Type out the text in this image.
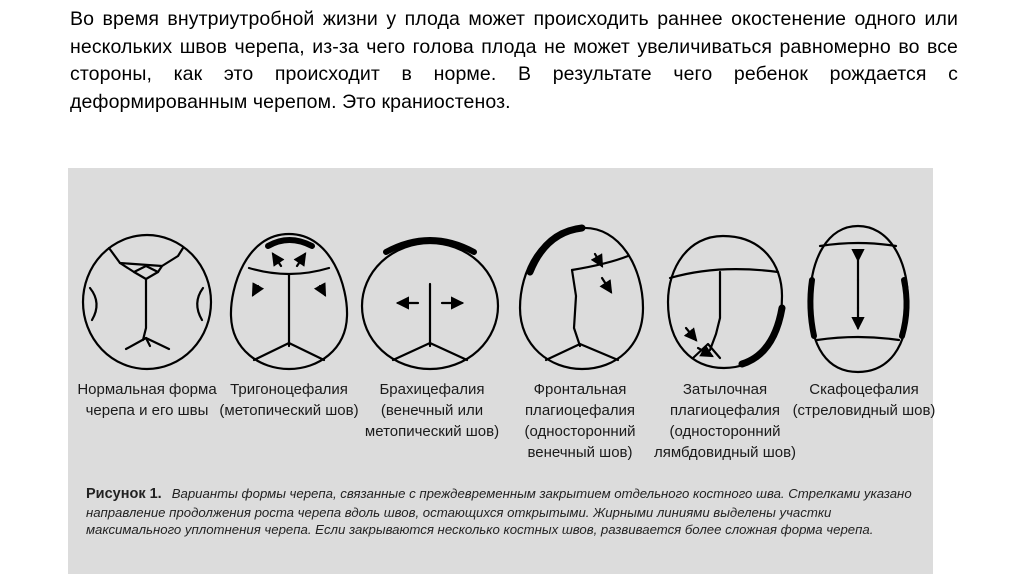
Во время внутриутробной жизни у плода может происходить раннее окостенение одного или нескольких швов черепа, из-за чего голова плода не может увеличиваться равномерно во все стороны, как это происходит в норме. В результате чего ребенок рождается с деформированным черепом. Это краниостеноз.
Нормальная форма черепа и его швы
Тригоноцефалия (метопический шов)
Брахицефалия (венечный или метопический шов)
Фронтальная плагиоцефалия (односторонний венечный шов)
Затылочная плагиоцефалия (односторонний лямбдовидный шов)
Скафоцефалия (стреловидный шов)
Рисунок 1. Варианты формы черепа, связанные с преждевременным закрытием отдельного костного шва. Стрелками указано направление продолжения роста черепа вдоль швов, остающихся открытыми. Жирными линиями выделены участки максимального уплотнения черепа. Если закрываются несколько костных швов, развивается более сложная форма черепа.
